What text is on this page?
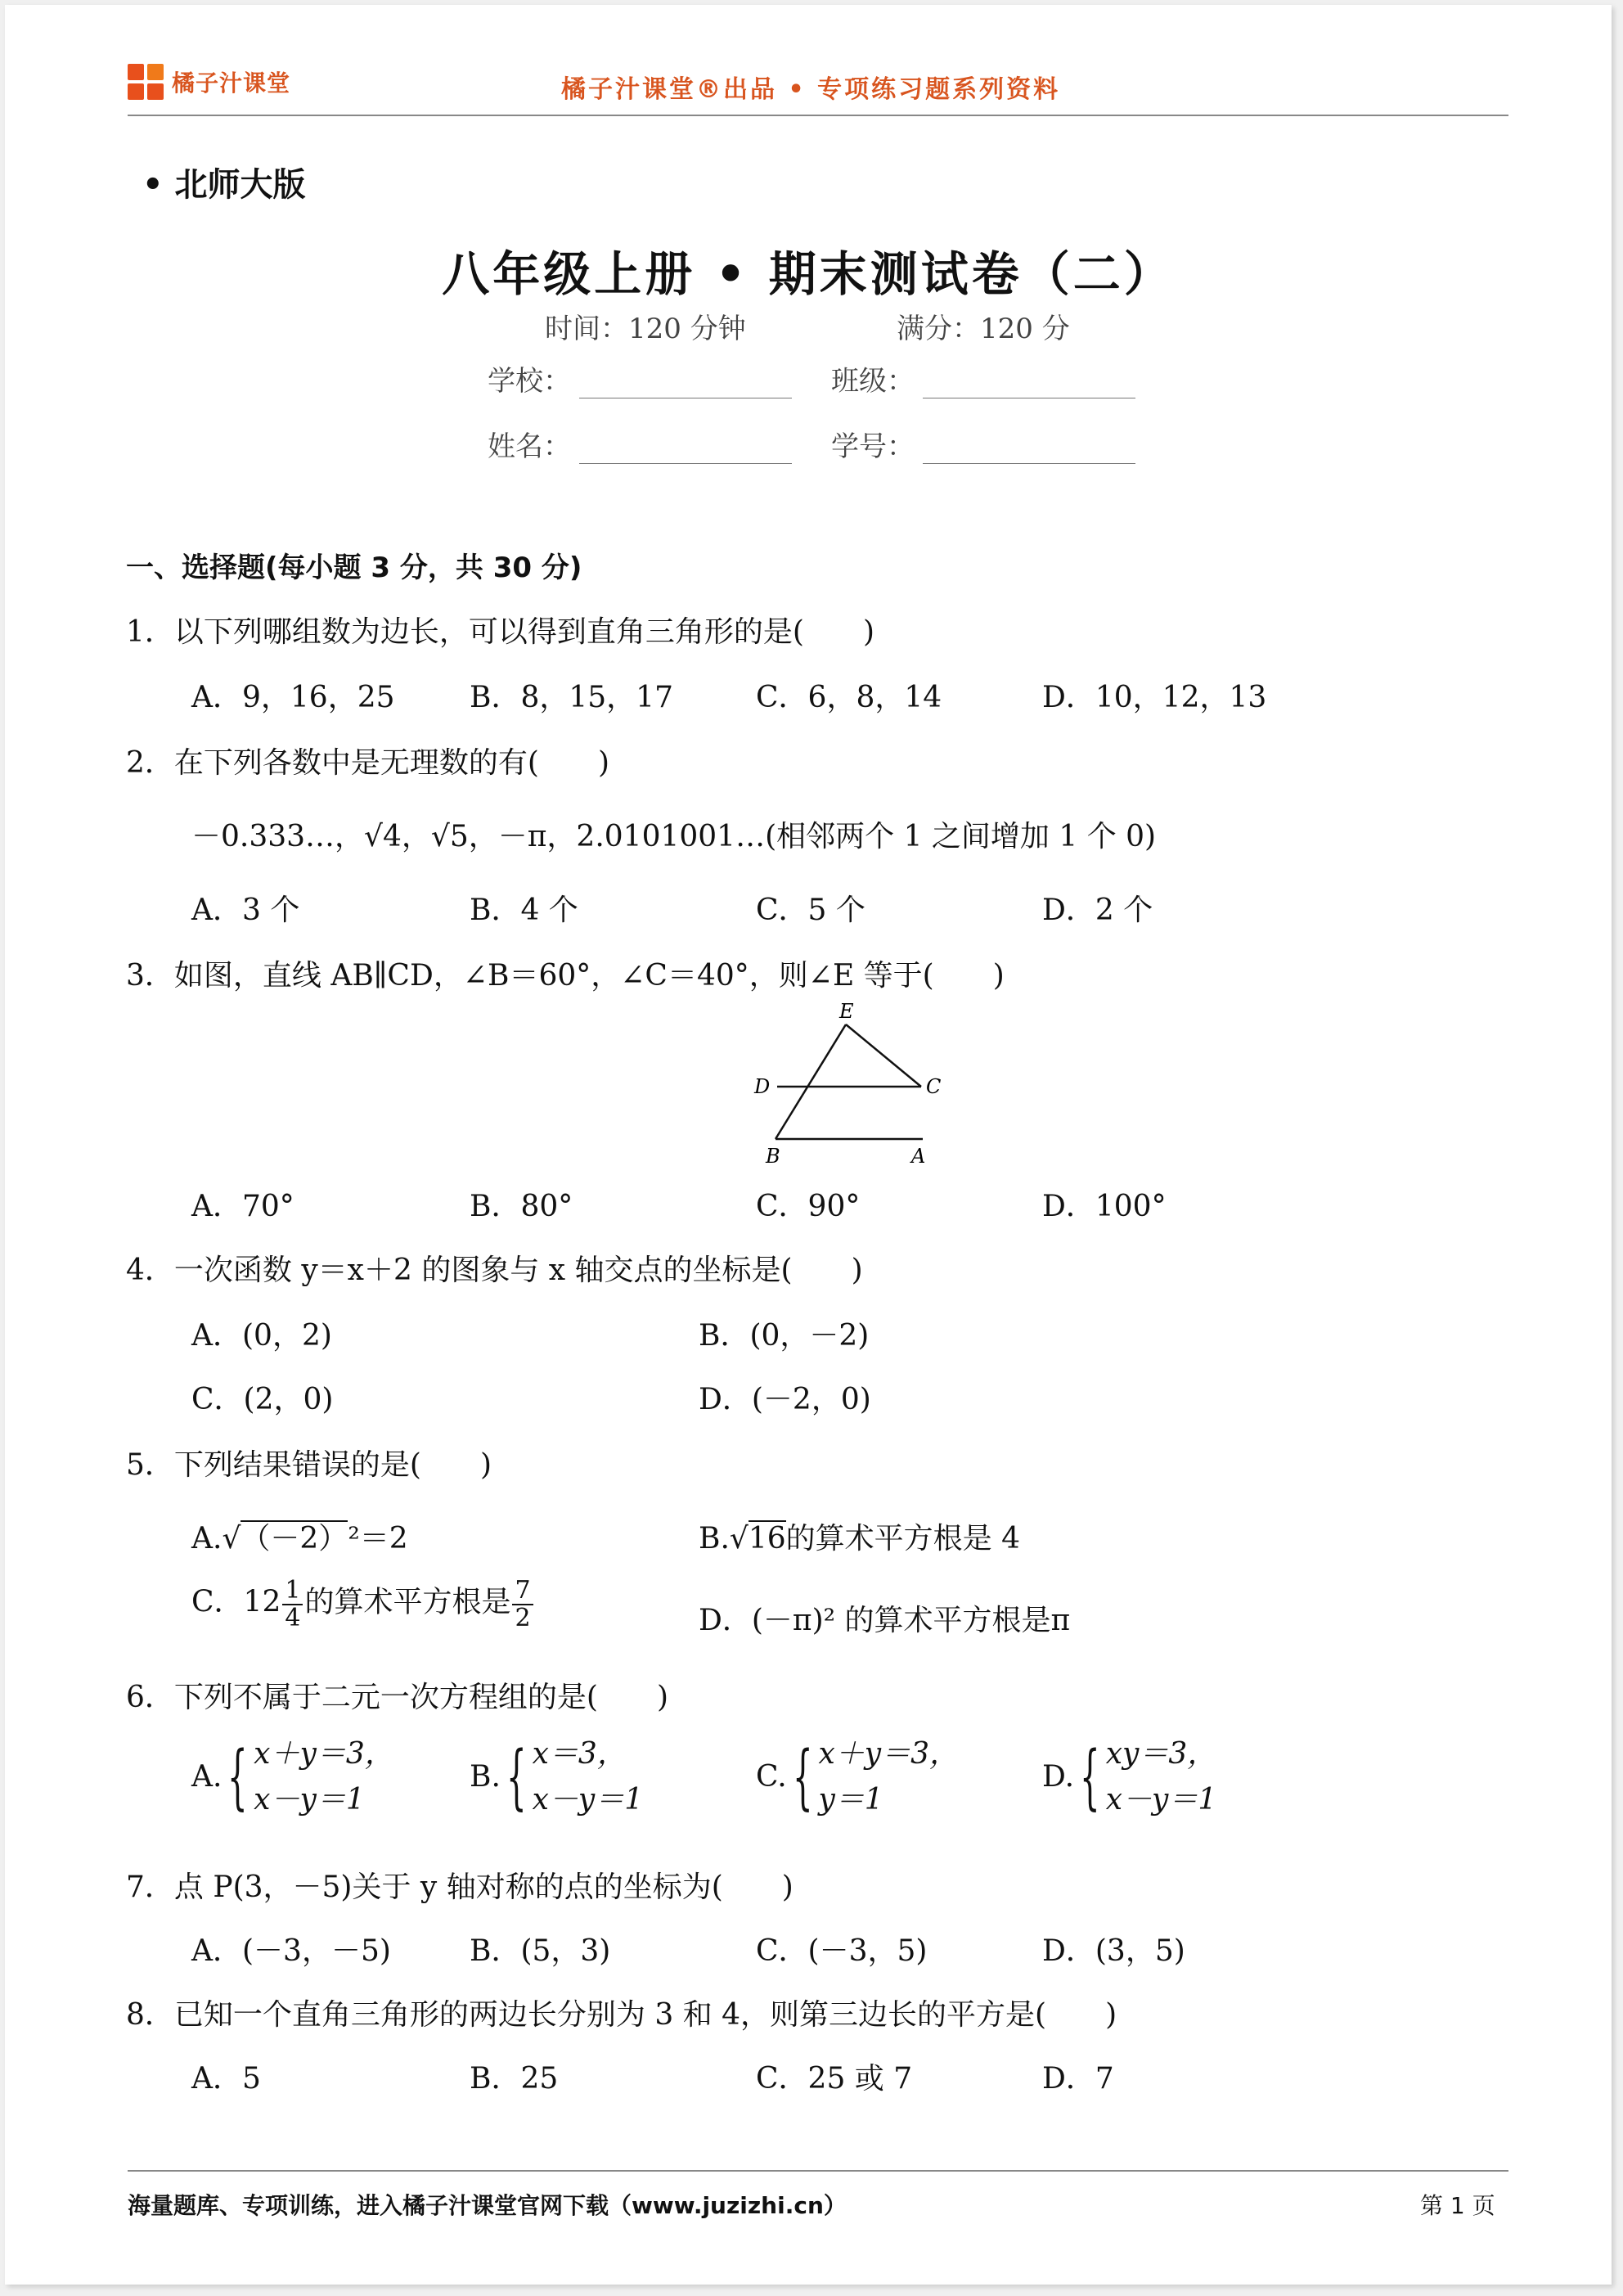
橘子汁课堂	橘子汁课堂®出品 • 专项练习题系列资料
• 北师大版
八年级上册 • 期末测试卷（二）
时间：120 分钟	满分：120 分
学校：	班级：
姓名：	学号：
一、选择题(每小题 3 分，共 30 分)
1．以下列哪组数为边长，可以得到直角三角形的是(　　)
A．9，16，25	B．8，15，17	C．6，8，14	D．10，12，13
2．在下列各数中是无理数的有(　　)
－0.333…，√4，√5，－π，2.0101001…(相邻两个 1 之间增加 1 个 0)
A．3 个	B．4 个	C．5 个	D．2 个
3．如图，直线 AB∥CD，∠B＝60°，∠C＝40°，则∠E 等于(　　)
E
D	C
B	A
A．70°	B．80°	C．90°	D．100°
4．一次函数 y＝x＋2 的图象与 x 轴交点的坐标是(　　)
A．(0，2)	B．(0，－2)
C．(2，0)	D．(－2，0)
5．下列结果错误的是(　　)
A.√（－2）²＝2	B.√16的算术平方根是 4
C．$12 \frac{1}{4}$ 的算术平方根是 $\frac{7}{2}$	D．(－π)² 的算术平方根是π
6．下列不属于二元一次方程组的是(　　)
A. { x＋y＝3，
x－y＝1
B. { x＝3，
x－y＝1
C. { x＋y＝3，
y＝1
D. { xy＝3，
x－y＝1
7．点 P(3，－5)关于 y 轴对称的点的坐标为(　　)
A．(－3，－5)	B．(5，3)	C．(－3，5)	D．(3，5)
8．已知一个直角三角形的两边长分别为 3 和 4，则第三边长的平方是(　　)
A．5	B．25	C．25 或 7	D．7
海量题库、专项训练，进入橘子汁课堂官网下载（www.juzizhi.cn）	第 1 页
